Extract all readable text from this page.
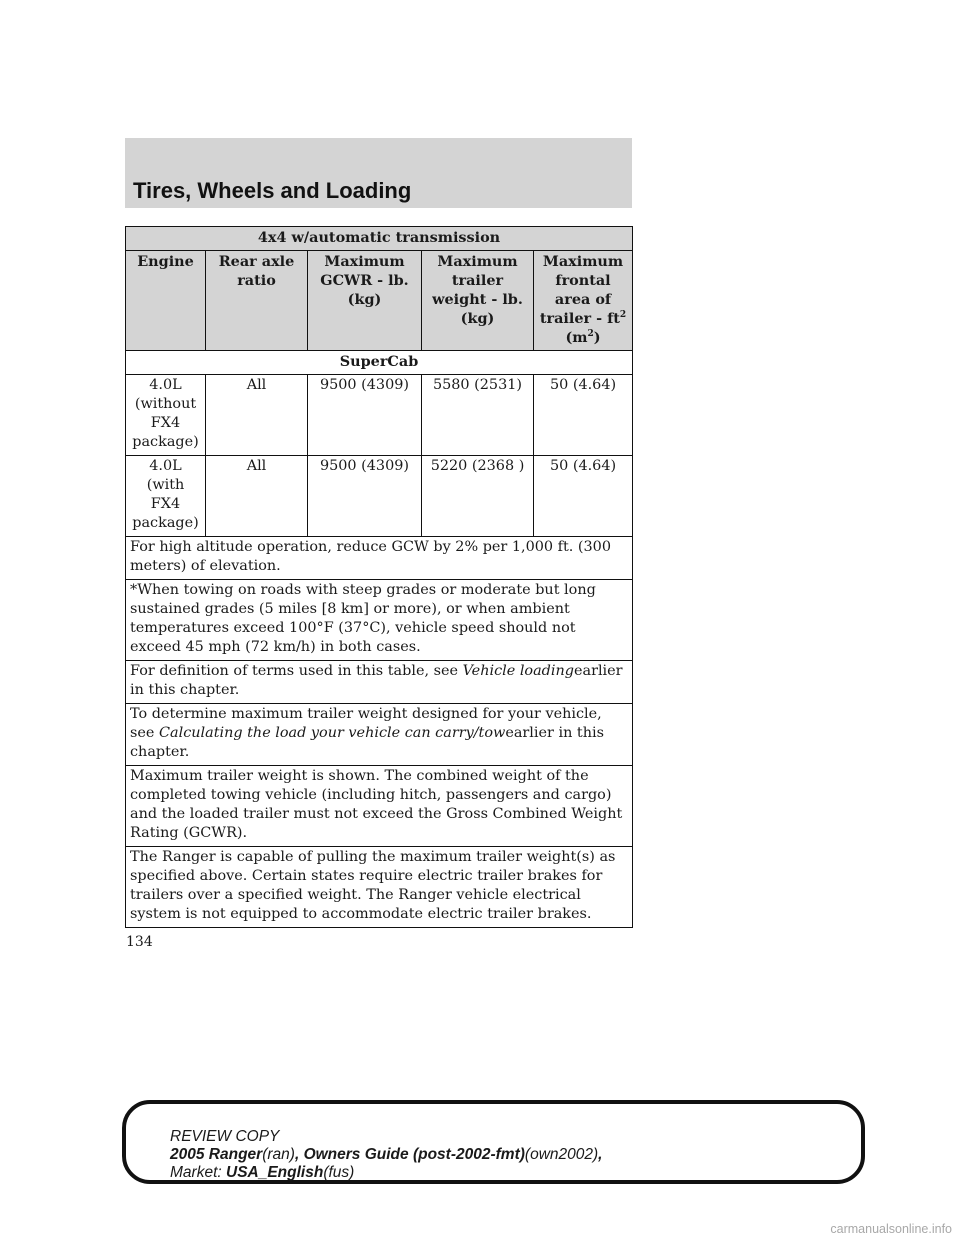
Tires, Wheels and Loading
4x4 w/automatic transmission				
Engine	Rear axle ratio	Maximum GCWR - lb. (kg)	Maximum trailer weight - lb. (kg)	Maximum frontal area of trailer - $ft^2$ $(m^2)$
SuperCab				
4.0L (without FX4 package)	All	9500 (4309)	5580 (2531)	50 (4.64)
4.0L (with FX4 package)	All	9500 (4309)	5220 (2368 )	50 (4.64)
For high altitude operation, reduce GCW by 2% per 1,000 ft. (300 meters) of elevation.				
*When towing on roads with steep grades or moderate but long sustained grades (5 miles [8 km] or more), or when ambient temperatures exceed 100°F (37°C), vehicle speed should not exceed 45 mph (72 km/h) in both cases.				
For definition of terms used in this table, see Vehicle loadingearlier in this chapter.				
To determine maximum trailer weight designed for your vehicle, see Calculating the load your vehicle can carry/towearlier in this chapter.				
Maximum trailer weight is shown. The combined weight of the completed towing vehicle (including hitch, passengers and cargo) and the loaded trailer must not exceed the Gross Combined Weight Rating (GCWR).				
The Ranger is capable of pulling the maximum trailer weight(s) as specified above. Certain states require electric trailer brakes for trailers over a specified weight. The Ranger vehicle electrical system is not equipped to accommodate electric trailer brakes.				
134
REVIEW COPY
2005 Ranger(ran), Owners Guide (post-2002-fmt)(own2002),
Market: USA_English(fus)
carmanualsonline.info
